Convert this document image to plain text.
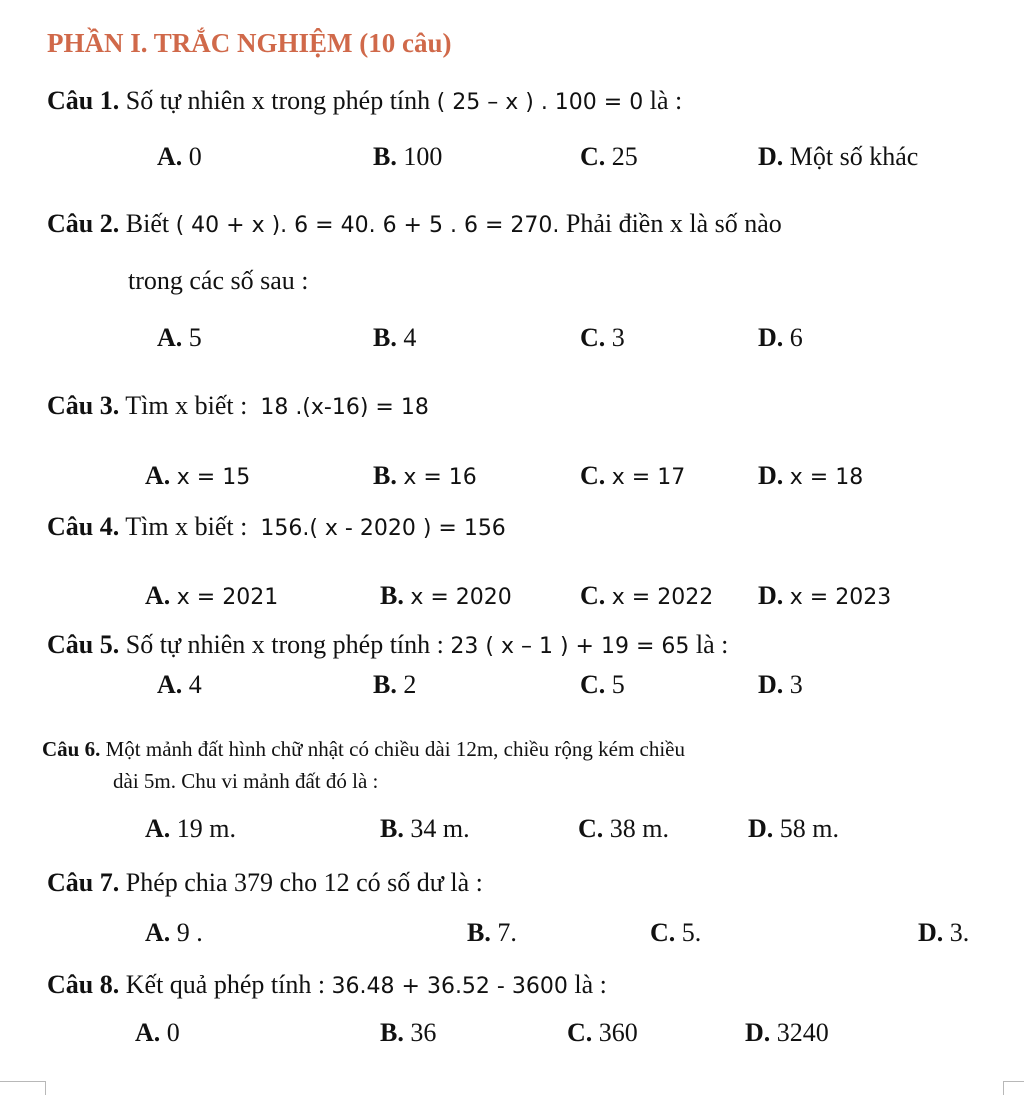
PHẦN I. TRẮC NGHIỆM (10 câu)
Câu 1. Số tự nhiên x trong phép tính ( 25 – x ) . 100 = 0 là :
A. 0	B. 100	C. 25	D. Một số khác
Câu 2. Biết ( 40 + x ). 6 = 40. 6 + 5 . 6 = 270. Phải điền x là số nào
trong các số sau :
A. 5	B. 4	C. 3	D. 6
Câu 3. Tìm x biết : 18 .(x-16) = 18
A. x = 15	B. x = 16	C. x = 17	D. x = 18
Câu 4. Tìm x biết : 156.( x - 2020 ) = 156
A. x = 2021	B. x = 2020	C. x = 2022 D. x = 2023
Câu 5. Số tự nhiên x trong phép tính : 23 ( x – 1 ) + 19 = 65 là :
A. 4	B. 2	C. 5	D. 3
Câu 6. Một mảnh đất hình chữ nhật có chiều dài 12m, chiều rộng kém chiều
dài 5m. Chu vi mảnh đất đó là :
A. 19 m.	B. 34 m.	C. 38 m.	D. 58 m.
Câu 7. Phép chia 379 cho 12 có số dư là :
A. 9 .	B. 7.	C. 5.	D. 3.
Câu 8. Kết quả phép tính : 36.48 + 36.52 - 3600 là :
A. 0	B. 36	C. 360	D. 3240
